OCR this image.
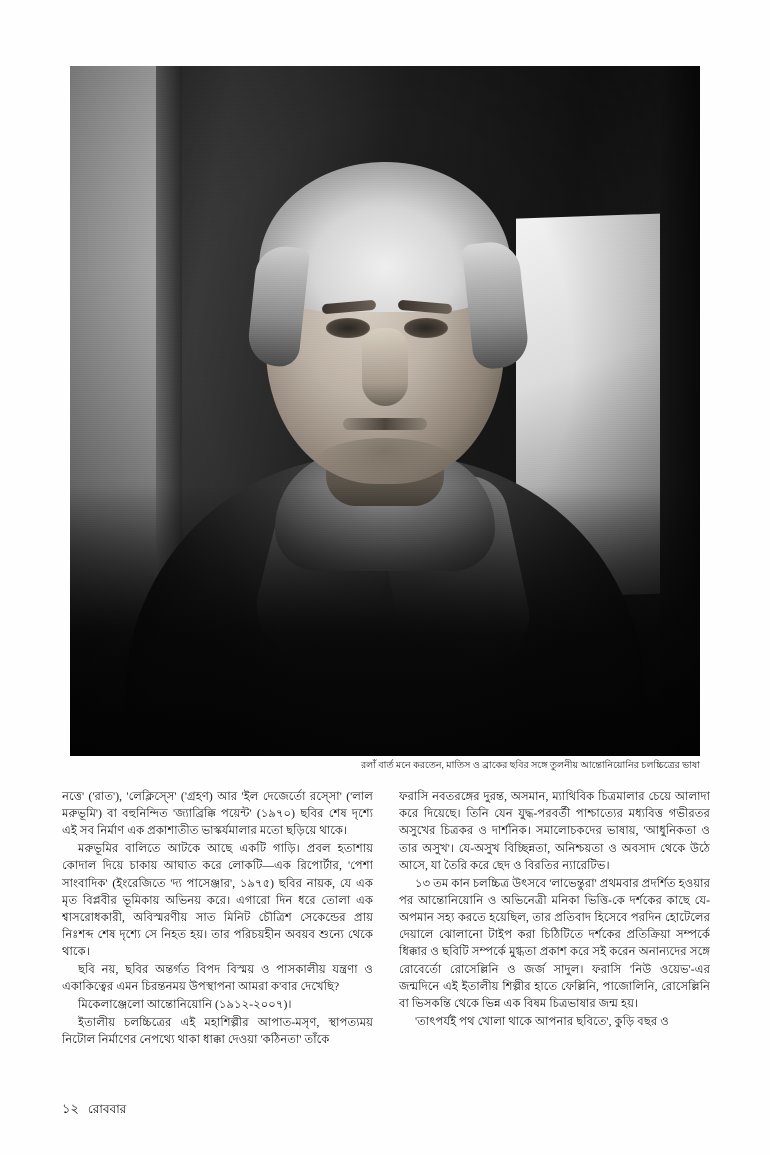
রলাঁ বার্ত মনে করতেন, মাতিস ও ব্রাকের ছবির সঙ্গে তুলনীয় আন্তোনিয়োনির চলচ্চিত্রের ভাষা

নত্তে' ('রাত'), 'লেক্লিস্সে' ('গ্রহণ) আর 'ইল দেজের্তো রস্সো' ('লাল মরুভূমি') বা বহুনিন্দিত 'জ্যাব্রিক্কি পয়েন্ট' (১৯৭০) ছবির শেষ দৃশ্যে এই সব নির্মাণ এক প্রকাশাতীত ভাস্কর্যমালার মতো ছড়িয়ে থাকে।

মরুভূমির বালিতে আটকে আছে একটি গাড়ি। প্রবল হতাশায় কোদাল দিয়ে চাকায় আঘাত করে লোকটি—এক রিপোর্টার, 'পেশা সাংবাদিক' (ইংরেজিতে 'দ্য পাসেঞ্জার', ১৯৭৫) ছবির নায়ক, যে এক মৃত বিপ্লবীর ভূমিকায় অভিনয় করে। এগারো দিন ধরে তোলা এক শ্বাসরোধকারী, অবিস্মরণীয় সাত মিনিট চৌত্রিশ সেকেন্ডের প্রায় নিঃশব্দ শেষ দৃশ্যে সে নিহত হয়। তার পরিচয়হীন অবয়ব শুন্যে থেকে থাকে।

ছবি নয়, ছবির অন্তর্গত বিপদ বিস্ময় ও পাসকালীয় যন্ত্রণা ও একাকিত্বের এমন চিরন্তনময় উপস্থাপনা আমরা ক'বার দেখেছি?

মিকেলাঞ্জেলো আন্তোনিয়োনি (১৯১২-২০০৭)।

ইতালীয় চলচ্চিত্রের এই মহাশিল্পীর আপাত-মসৃণ, স্থাপত্যময় নিটোল নির্মাণের নেপথ্যে থাকা ধাক্কা দেওয়া 'কঠিনতা' তাঁকে

ফরাসি নবতরঙ্গের দুরন্ত, অসমান, ম্যাথিবিক চিত্রমালার চেয়ে আলাদা করে দিয়েছে। তিনি যেন যুদ্ধ-পরবর্তী পাশ্চাত্যের মধ্যবিত্ত গভীরতর অসুখের চিত্রকর ও দার্শনিক। সমালোচকদের ভাষায়, 'আধুনিকতা ও তার অসুখ'। যে-অসুখ বিচ্ছিন্নতা, অনিশ্চয়তা ও অবসাদ থেকে উঠে আসে, যা তৈরি করে ছেদ ও বিরতির ন্যারেটিভ।

১৩ তম কান চলচ্চিত্র উৎসবে 'লাভেন্তুরা' প্রথমবার প্রদর্শিত হওয়ার পর আন্তোনিয়োনি ও অভিনেত্রী মনিকা ভিত্তি-কে দর্শকের কাছে যে-অপমান সহ্য করতে হয়েছিল, তার প্রতিবাদ হিসেবে পরদিন হোটেলের দেয়ালে ঝোলানো টাইপ করা চিঠিটিতে দর্শকের প্রতিক্রিয়া সম্পর্কে ধিক্কার ও ছবিটি সম্পর্কে মুগ্ধতা প্রকাশ করে সই করেন অনান্যদের সঙ্গে রোবের্তো রোসেল্লিনি ও জর্জ সাদুল। ফরাসি 'নিউ ওয়েভ'-এর জন্মদিনে এই ইতালীয় শিল্পীর হাতে ফেল্লিনি, পাজোলিনি, রোসেল্লিনি বা ভিসকন্তি থেকে ভিন্ন এক বিষম চিত্রভাষার জন্ম হয়।

'তাৎপর্যই পথ খোলা থাকে আপনার ছবিতে', কুড়ি বছর ও

১২ রোববার
